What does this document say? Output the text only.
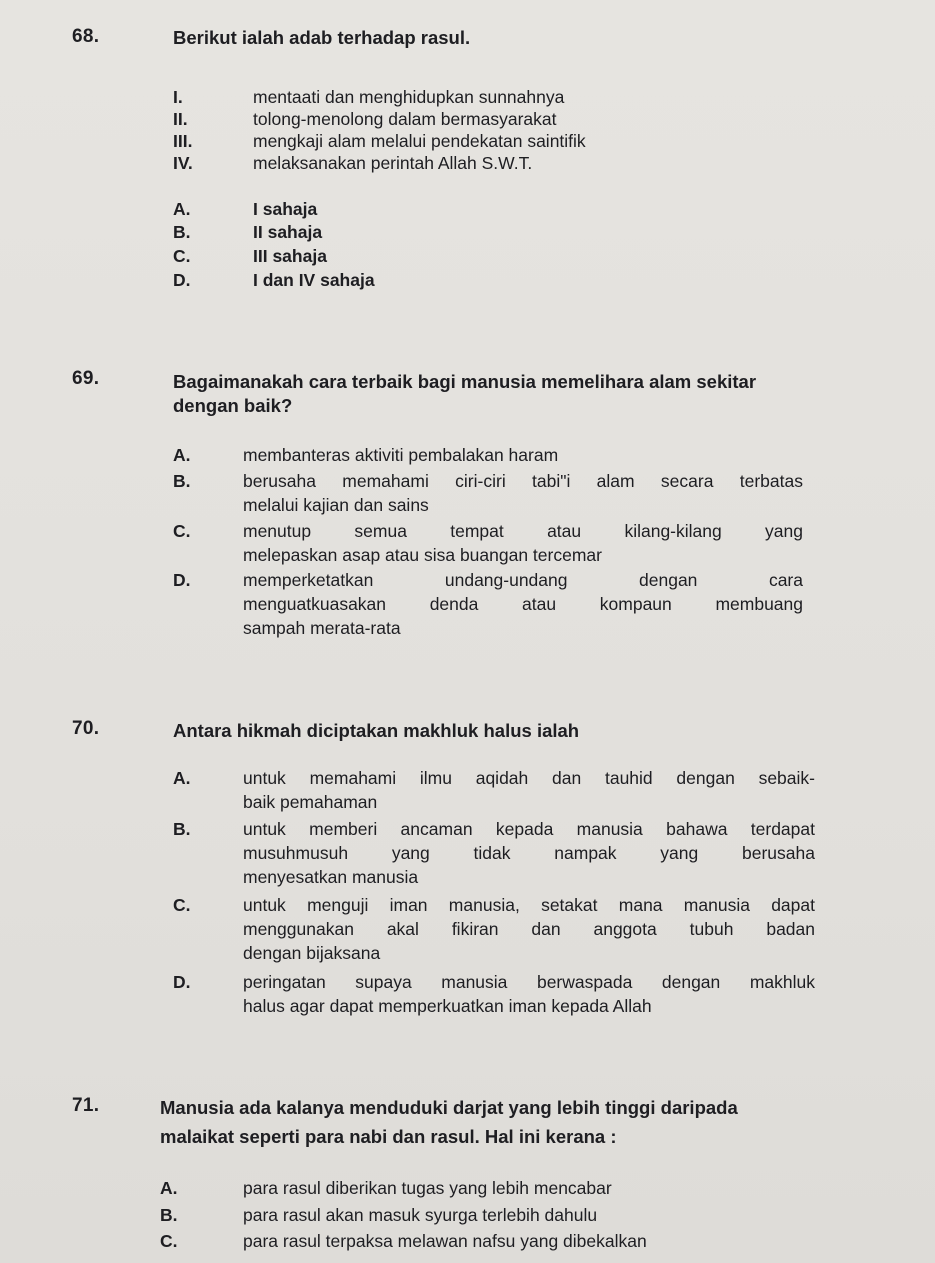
68.	Berikut ialah adab terhadap rasul.
I.	mentaati dan menghidupkan sunnahnya
II.	tolong-menolong dalam bermasyarakat
III.	mengkaji alam melalui pendekatan saintifik
IV.	melaksanakan perintah Allah S.W.T.
A.	I sahaja
B.	II sahaja
C.	III sahaja
D.	I dan IV sahaja
69.	Bagaimanakah cara terbaik bagi manusia memelihara alam sekitar
dengan baik?
A.	membanteras aktiviti pembalakan haram
B.	berusaha memahami ciri-ciri tabi"i alam secara terbatas
melalui kajian dan sains
C.	menutup semua tempat atau kilang-kilang yang
melepaskan asap atau sisa buangan tercemar
D.	memperketatkan undang-undang dengan cara
menguatkuasakan denda atau kompaun membuang
sampah merata-rata
70.	Antara hikmah diciptakan makhluk halus ialah
A.	untuk memahami ilmu aqidah dan tauhid dengan sebaik-
baik pemahaman
B.	untuk memberi ancaman kepada manusia bahawa terdapat
musuhmusuh yang tidak nampak yang berusaha
menyesatkan manusia
C.	untuk menguji iman manusia, setakat mana manusia dapat
menggunakan akal fikiran dan anggota tubuh badan
dengan bijaksana
D.	peringatan supaya manusia berwaspada dengan makhluk
halus agar dapat memperkuatkan iman kepada Allah
71.	Manusia ada kalanya menduduki darjat yang lebih tinggi daripada
malaikat seperti para nabi dan rasul. Hal ini kerana :
A.	para rasul diberikan tugas yang lebih mencabar
B.	para rasul akan masuk syurga terlebih dahulu
C.	para rasul terpaksa melawan nafsu yang dibekalkan
